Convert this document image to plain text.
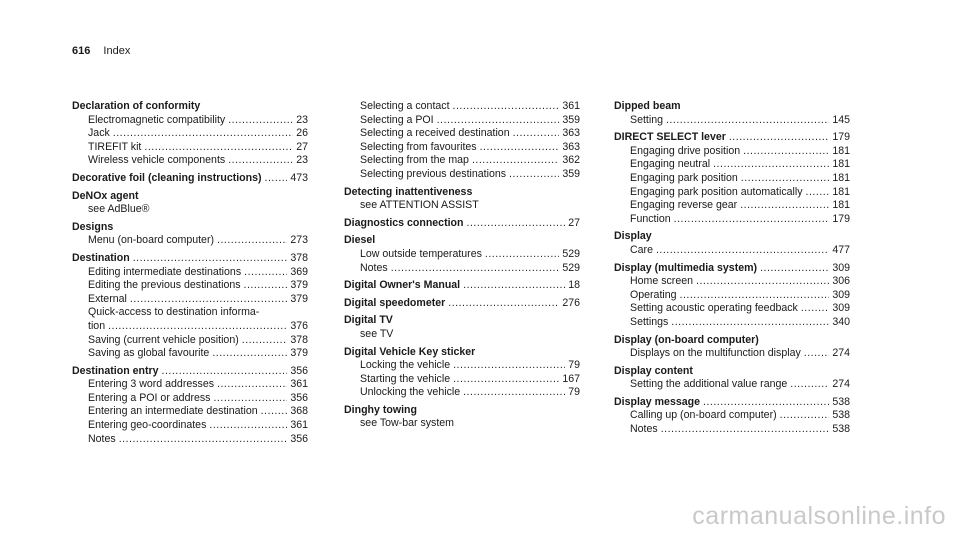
616 Index
Declaration of conformity
Electromagnetic compatibility .....	23
Jack .....	26
TIREFIT kit .....	27
Wireless vehicle components .....	23
Decorative foil (cleaning instructions) .....	473
DeNOx agent
see AdBlue®
Designs
Menu (on-board computer) .....	273
Destination .....	378
Editing intermediate destinations .....	369
Editing the previous destinations .....	379
External .....	379
Quick-access to destination informa-
tion .....	376
Saving (current vehicle position) .....	378
Saving as global favourite .....	379
Destination entry .....	356
Entering 3 word addresses .....	361
Entering a POI or address .....	356
Entering an intermediate destination .....	368
Entering geo-coordinates .....	361
Notes .....	356
Selecting a contact .....	361
Selecting a POI .....	359
Selecting a received destination .....	363
Selecting from favourites .....	363
Selecting from the map .....	362
Selecting previous destinations .....	359
Detecting inattentiveness
see ATTENTION ASSIST
Diagnostics connection .....	27
Diesel
Low outside temperatures .....	529
Notes .....	529
Digital Owner's Manual .....	18
Digital speedometer .....	276
Digital TV
see TV
Digital Vehicle Key sticker
Locking the vehicle .....	79
Starting the vehicle .....	167
Unlocking the vehicle .....	79
Dinghy towing
see Tow-bar system
Dipped beam
Setting .....	145
DIRECT SELECT lever .....	179
Engaging drive position .....	181
Engaging neutral .....	181
Engaging park position .....	181
Engaging park position automatically .....	181
Engaging reverse gear .....	181
Function .....	179
Display
Care .....	477
Display (multimedia system) .....	309
Home screen .....	306
Operating .....	309
Setting acoustic operating feedback .....	309
Settings .....	340
Display (on-board computer)
Displays on the multifunction display .....	274
Display content
Setting the additional value range .....	274
Display message .....	538
Calling up (on-board computer) .....	538
Notes .....	538
carmanualsonline.info
